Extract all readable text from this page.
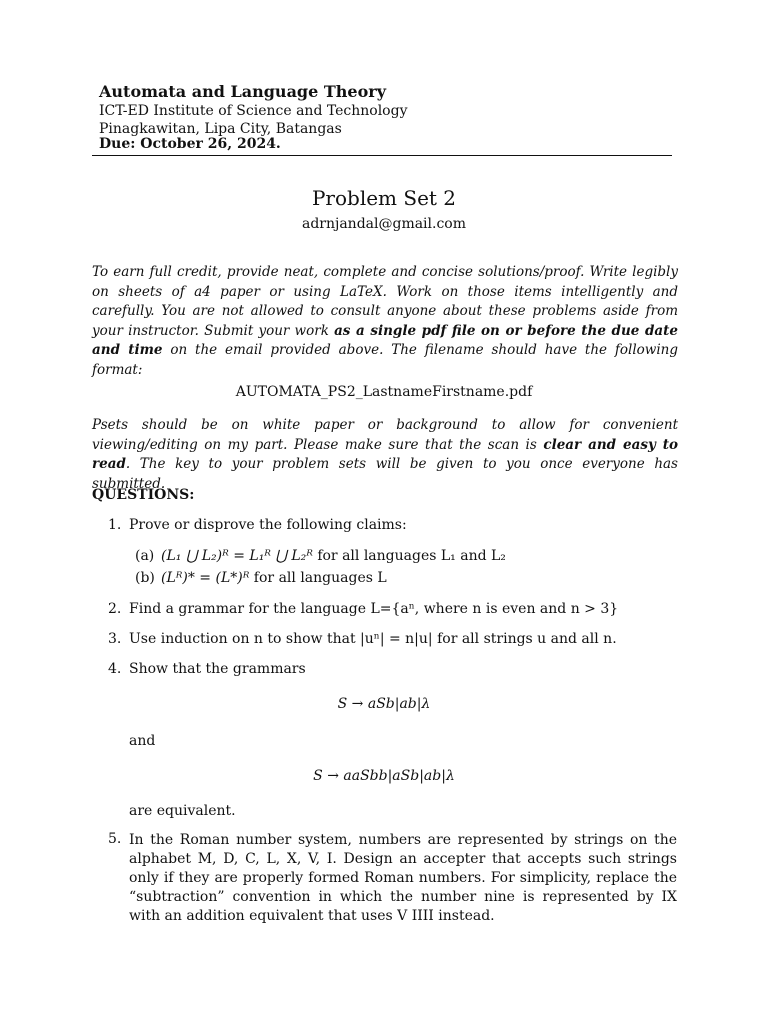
Automata and Language Theory
ICT-ED Institute of Science and Technology
Pinagkawitan, Lipa City, Batangas
Due: October 26, 2024.
Problem Set 2
adrnjandal@gmail.com
To earn full credit, provide neat, complete and concise solutions/proof. Write legibly on sheets of a4 paper or using LaTeX. Work on those items intelligently and carefully. You are not allowed to consult anyone about these problems aside from your instructor. Submit your work as a single pdf file on or before the due date and time on the email provided above. The filename should have the following format:
AUTOMATA_PS2_LastnameFirstname.pdf
Psets should be on white paper or background to allow for convenient viewing/editing on my part. Please make sure that the scan is clear and easy to read. The key to your problem sets will be given to you once everyone has submitted.
QUESTIONS:
1. Prove or disprove the following claims:
(a) (L₁ ⋃ L₂)ᴿ = L₁ᴿ ⋃ L₂ᴿ for all languages L₁ and L₂
(b) (Lᴿ)* = (L*)ᴿ for all languages L
2. Find a grammar for the language L={aⁿ, where n is even and n > 3}
3. Use induction on n to show that |uⁿ| = n|u| for all strings u and all n.
4. Show that the grammars
S → aSb|ab|λ
and
S → aaSbb|aSb|ab|λ
are equivalent.
5. In the Roman number system, numbers are represented by strings on the alphabet M, D, C, L, X, V, I. Design an accepter that accepts such strings only if they are properly formed Roman numbers. For simplicity, replace the “subtraction” convention in which the number nine is represented by IX with an addition equivalent that uses V IIII instead.
